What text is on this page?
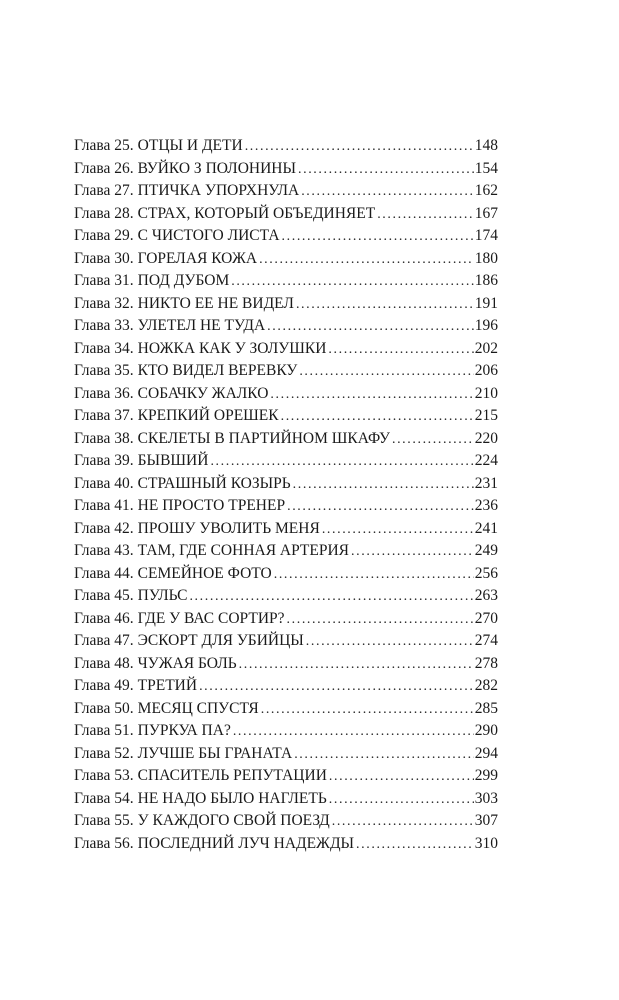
Глава 25. ОТЦЫ И ДЕТИ .....	148
Глава 26. ВУЙКО З ПОЛОНИНЫ .....	154
Глава 27. ПТИЧКА УПОРХНУЛА .....	162
Глава 28. СТРАХ, КОТОРЫЙ ОБЪЕДИНЯЕТ .....	167
Глава 29. С ЧИСТОГО ЛИСТА .....	174
Глава 30. ГОРЕЛАЯ КОЖА .....	180
Глава 31. ПОД ДУБОМ .....	186
Глава 32. НИКТО ЕЕ НЕ ВИДЕЛ .....	191
Глава 33. УЛЕТЕЛ НЕ ТУДА .....	196
Глава 34. НОЖКА КАК У ЗОЛУШКИ .....	202
Глава 35. КТО ВИДЕЛ ВЕРЕВКУ .....	206
Глава 36. СОБАЧКУ ЖАЛКО .....	210
Глава 37. КРЕПКИЙ ОРЕШЕК .....	215
Глава 38. СКЕЛЕТЫ В ПАРТИЙНОМ ШКАФУ .....	220
Глава 39. БЫВШИЙ .....	224
Глава 40. СТРАШНЫЙ КОЗЫРЬ .....	231
Глава 41. НЕ ПРОСТО ТРЕНЕР .....	236
Глава 42. ПРОШУ УВОЛИТЬ МЕНЯ .....	241
Глава 43. ТАМ, ГДЕ СОННАЯ АРТЕРИЯ .....	249
Глава 44. СЕМЕЙНОЕ ФОТО .....	256
Глава 45. ПУЛЬС .....	263
Глава 46. ГДЕ У ВАС СОРТИР? .....	270
Глава 47. ЭСКОРТ ДЛЯ УБИЙЦЫ .....	274
Глава 48. ЧУЖАЯ БОЛЬ .....	278
Глава 49. ТРЕТИЙ .....	282
Глава 50. МЕСЯЦ СПУСТЯ .....	285
Глава 51. ПУРКУА ПА? .....	290
Глава 52. ЛУЧШЕ БЫ ГРАНАТА .....	294
Глава 53. СПАСИТЕЛЬ РЕПУТАЦИИ .....	299
Глава 54. НЕ НАДО БЫЛО НАГЛЕТЬ .....	303
Глава 55. У КАЖДОГО СВОЙ ПОЕЗД .....	307
Глава 56. ПОСЛЕДНИЙ ЛУЧ НАДЕЖДЫ .....	310
